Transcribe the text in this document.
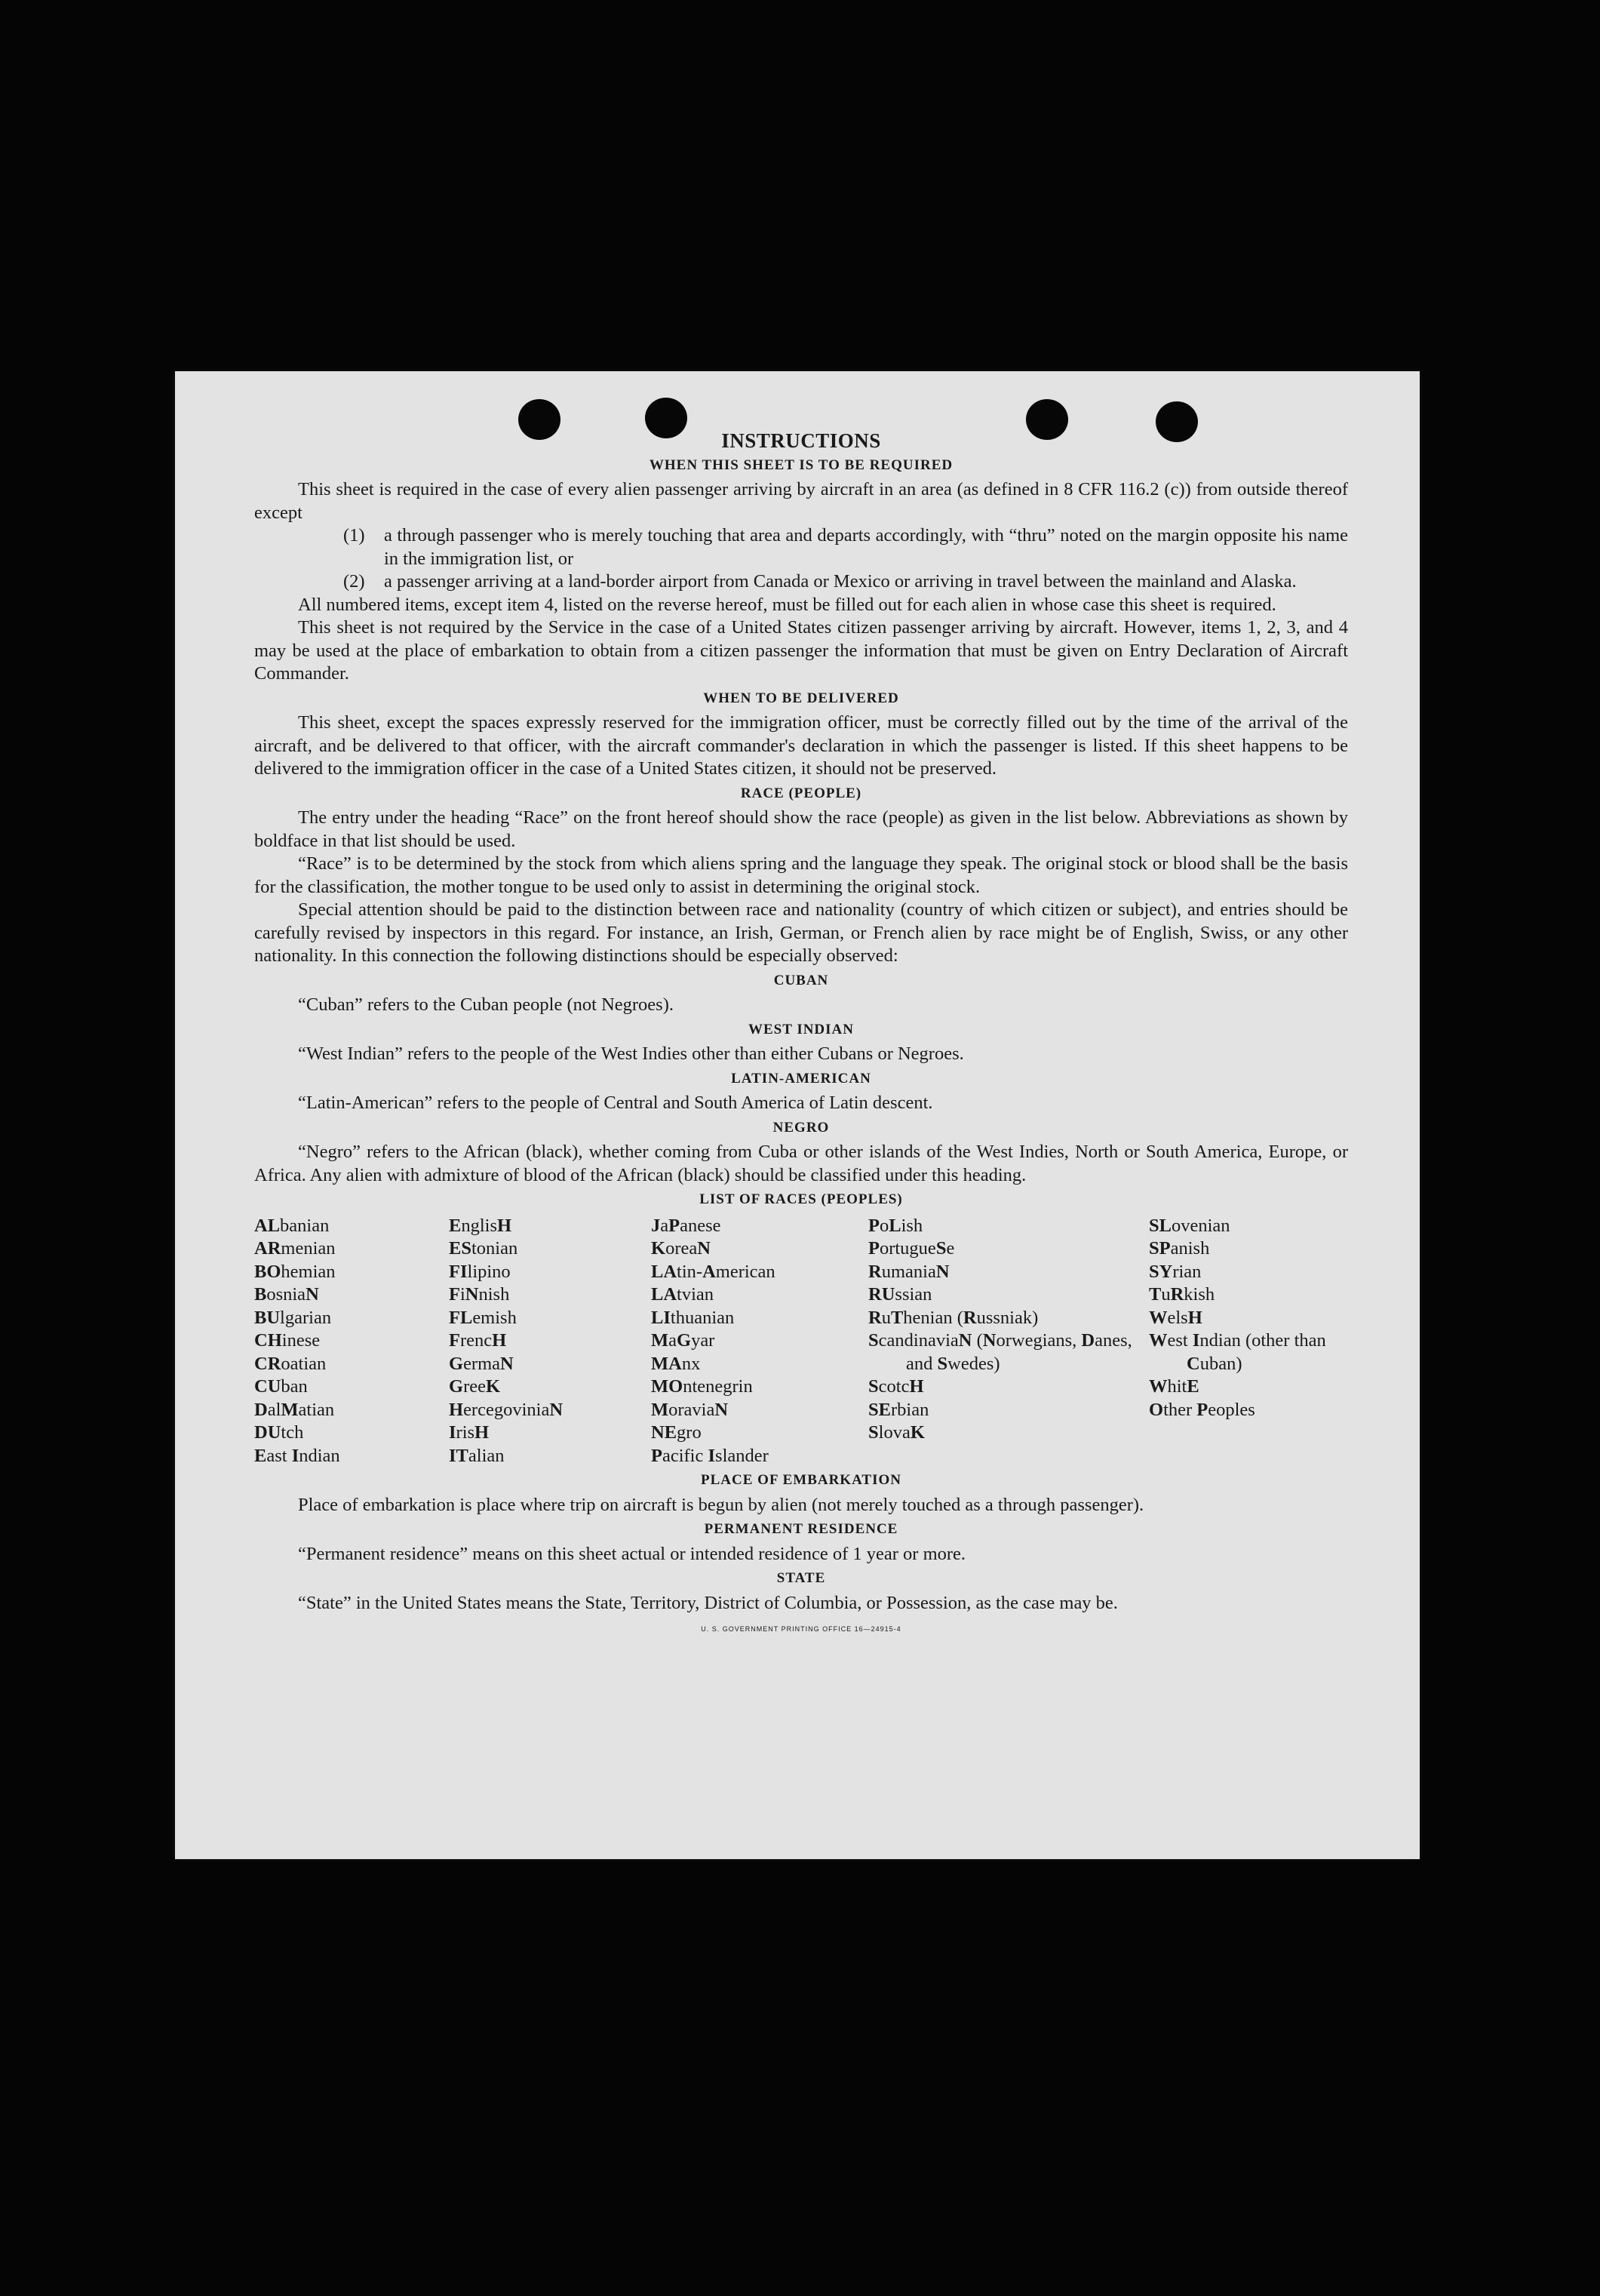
INSTRUCTIONS
WHEN THIS SHEET IS TO BE REQUIRED

This sheet is required in the case of every alien passenger arriving by aircraft in an area (as defined in 8 CFR 116.2 (c)) from outside thereof except

(1)	a through passenger who is merely touching that area and departs accordingly, with “thru” noted on the margin opposite his name in the immigration list, or
(2)	a passenger arriving at a land-border airport from Canada or Mexico or arriving in travel between the mainland and Alaska.

All numbered items, except item 4, listed on the reverse hereof, must be filled out for each alien in whose case this sheet is required.

This sheet is not required by the Service in the case of a United States citizen passenger arriving by aircraft. However, items 1, 2, 3, and 4 may be used at the place of embarkation to obtain from a citizen passenger the information that must be given on Entry Declaration of Aircraft Commander.

WHEN TO BE DELIVERED

This sheet, except the spaces expressly reserved for the immigration officer, must be correctly filled out by the time of the arrival of the aircraft, and be delivered to that officer, with the aircraft commander's declaration in which the passenger is listed. If this sheet happens to be delivered to the immigration officer in the case of a United States citizen, it should not be preserved.

RACE (PEOPLE)

The entry under the heading “Race” on the front hereof should show the race (people) as given in the list below. Abbreviations as shown by boldface in that list should be used.

“Race” is to be determined by the stock from which aliens spring and the language they speak. The original stock or blood shall be the basis for the classification, the mother tongue to be used only to assist in determining the original stock.

Special attention should be paid to the distinction between race and nationality (country of which citizen or subject), and entries should be carefully revised by inspectors in this regard. For instance, an Irish, German, or French alien by race might be of English, Swiss, or any other nationality. In this connection the following distinctions should be especially observed:

CUBAN

“Cuban” refers to the Cuban people (not Negroes).

WEST INDIAN

“West Indian” refers to the people of the West Indies other than either Cubans or Negroes.

LATIN-AMERICAN

“Latin-American” refers to the people of Central and South America of Latin descent.

NEGRO

“Negro” refers to the African (black), whether coming from Cuba or other islands of the West Indies, North or South America, Europe, or Africa. Any alien with admixture of blood of the African (black) should be classified under this heading.

LIST OF RACES (PEOPLES)
ALbanian
ARmenian
BOhemian
BosniaN
BUlgarian
CHinese
CRoatian
CUban
DalMatian
DUtch
East Indian
EnglisH
EStonian
FIlipino
FiNnish
FLemish
FrencH
GermaN
GreeK
HercegoviniaN
IrisH
ITalian
JaPanese
KoreaN
LAtin-American
LAtvian
LIthuanian
MaGyar
MAnx
MOntenegrin
MoraviaN
NEgro
Pacific Islander
PoLish
PortugueSe
RumaniaN
RUssian
RuThenian (Russniak)
ScandinaviaN (Norwegians, Danes, and Swedes)
ScotcH
SErbian
SlovaK
SLovenian
SPanish
SYrian
TuRkish
WelsH
West Indian (other than Cuban)
WhitE
Other Peoples
PLACE OF EMBARKATION

Place of embarkation is place where trip on aircraft is begun by alien (not merely touched as a through passenger).

PERMANENT RESIDENCE

“Permanent residence” means on this sheet actual or intended residence of 1 year or more.

STATE

“State” in the United States means the State, Territory, District of Columbia, or Possession, as the case may be.

U. S. GOVERNMENT PRINTING OFFICE 16—24915-4
